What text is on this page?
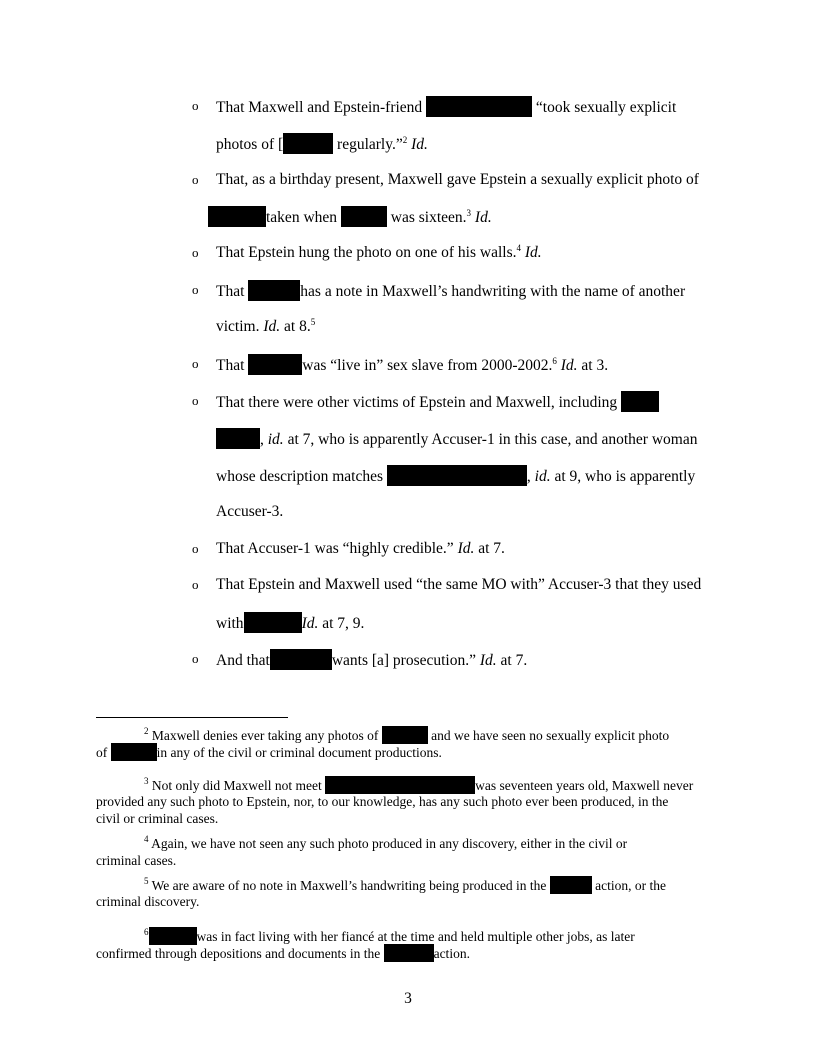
o That Maxwell and Epstein-friend	“took sexually explicit
photos of [	regularly.”$^2$ Id.
o That, as a birthday present, Maxwell gave Epstein a sexually explicit photo of
taken when	was sixteen.$^3$ Id.
o That Epstein hung the photo on one of his walls.$^4$ Id.
o That	has a note in Maxwell’s handwriting with the name of another
victim. Id. at 8.$^5$
o That	was “live in” sex slave from 2000-2002.$^6$ Id. at 3.
o That there were other victims of Epstein and Maxwell, including
, id. at 7, who is apparently Accuser-1 in this case, and another woman
whose description matches	, id. at 9, who is apparently
Accuser-3.
o That Accuser-1 was “highly credible.” Id. at 7.
o That Epstein and Maxwell used “the same MO with” Accuser-3 that they used
with	Id. at 7, 9.
o And that	wants [a] prosecution.” Id. at 7.
$^2$ Maxwell denies ever taking any photos of	and we have seen no sexually explicit photo
of	in any of the civil or criminal document productions.
$^3$ Not only did Maxwell not meet	was seventeen years old, Maxwell never
provided any such photo to Epstein, nor, to our knowledge, has any such photo ever been produced, in the
civil or criminal cases.
$^4$ Again, we have not seen any such photo produced in any discovery, either in the civil or
criminal cases.
$^5$ We are aware of no note in Maxwell’s handwriting being produced in the	action, or the
criminal discovery.
$^6$	was in fact living with her fiancé at the time and held multiple other jobs, as later
confirmed through depositions and documents in the	action.
3
